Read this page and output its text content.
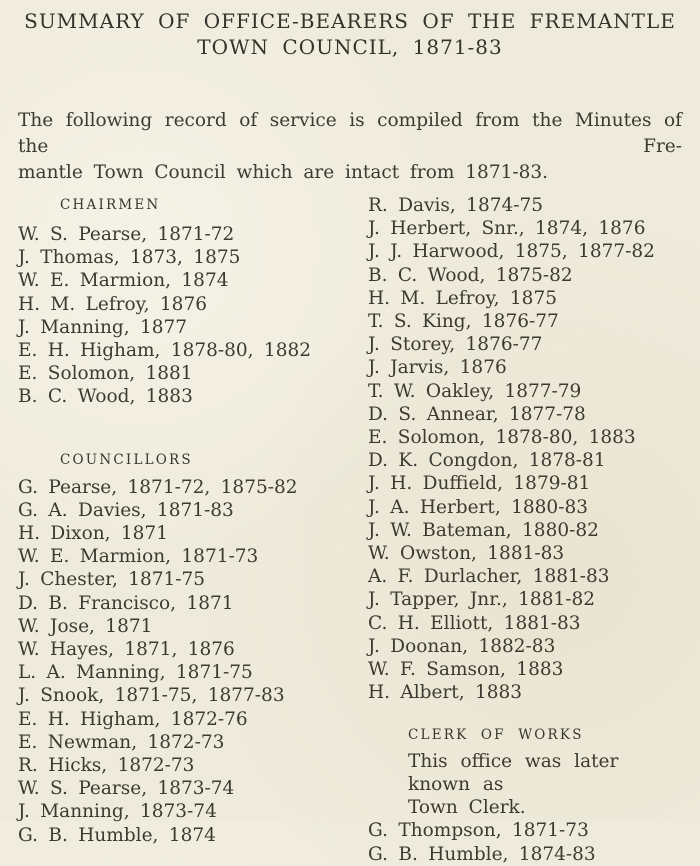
SUMMARY OF OFFICE-BEARERS OF THE FREMANTLE
TOWN COUNCIL, 1871-83

The following record of service is compiled from the Minutes of the Fre-
mantle Town Council which are intact from 1871-83.

CHAIRMEN
W. S. Pearse, 1871-72
J. Thomas, 1873, 1875
W. E. Marmion, 1874
H. M. Lefroy, 1876
J. Manning, 1877
E. H. Higham, 1878-80, 1882
E. Solomon, 1881
B. C. Wood, 1883
COUNCILLORS
G. Pearse, 1871-72, 1875-82
G. A. Davies, 1871-83
H. Dixon, 1871
W. E. Marmion, 1871-73
J. Chester, 1871-75
D. B. Francisco, 1871
W. Jose, 1871
W. Hayes, 1871, 1876
L. A. Manning, 1871-75
J. Snook, 1871-75, 1877-83
E. H. Higham, 1872-76
E. Newman, 1872-73
R. Hicks, 1872-73
W. S. Pearse, 1873-74
J. Manning, 1873-74
G. B. Humble, 1874
R. Davis, 1874-75
J. Herbert, Snr., 1874, 1876
J. J. Harwood, 1875, 1877-82
B. C. Wood, 1875-82
H. M. Lefroy, 1875
T. S. King, 1876-77
J. Storey, 1876-77
J. Jarvis, 1876
T. W. Oakley, 1877-79
D. S. Annear, 1877-78
E. Solomon, 1878-80, 1883
D. K. Congdon, 1878-81
J. H. Duffield, 1879-81
J. A. Herbert, 1880-83
J. W. Bateman, 1880-82
W. Owston, 1881-83
A. F. Durlacher, 1881-83
J. Tapper, Jnr., 1881-82
C. H. Elliott, 1881-83
J. Doonan, 1882-83
W. F. Samson, 1883
H. Albert, 1883
CLERK OF WORKS

This office was later known as
Town Clerk.

G. Thompson, 1871-73
G. B. Humble, 1874-83
